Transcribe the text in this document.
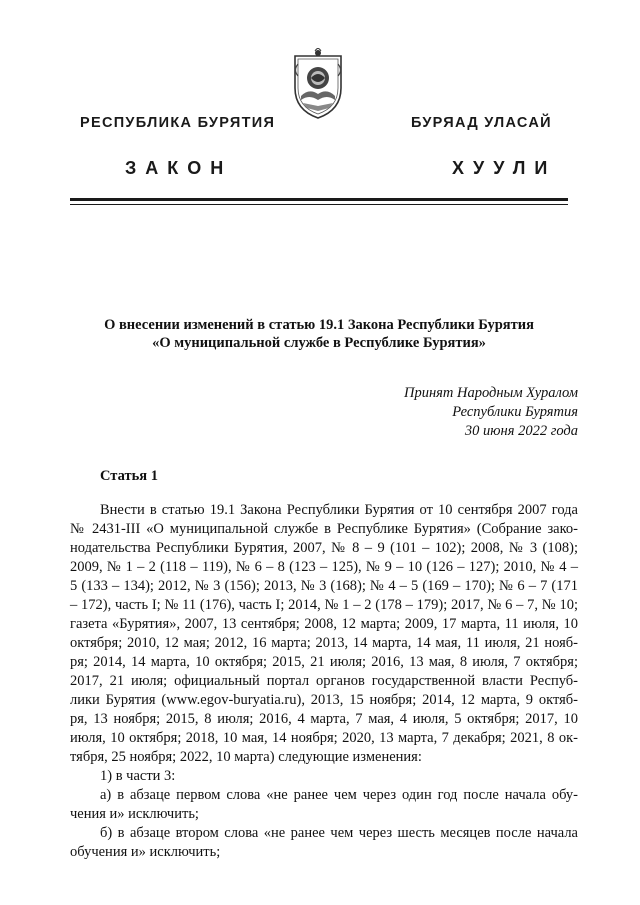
РЕСПУБЛИКА БУРЯТИЯ	БУРЯАД УЛАСАЙ
ЗАКОН	ХУУЛИ
О внесении изменений в статью 19.1 Закона Республики Бурятия
«О муниципальной службе в Республике Бурятия»
Принят Народным Хуралом
Республики Бурятия
30 июня 2022 года
Статья 1
Внести в статью 19.1 Закона Республики Бурятия от 10 сентября 2007 года
№ 2431-III «О муниципальной службе в Республике Бурятия» (Собрание зако-
нодательства Республики Бурятия, 2007, № 8 – 9 (101 – 102); 2008, № 3 (108);
2009, № 1 – 2 (118 – 119), № 6 – 8 (123 – 125), № 9 – 10 (126 – 127); 2010, № 4 –
5 (133 – 134); 2012, № 3 (156); 2013, № 3 (168); № 4 – 5 (169 – 170); № 6 – 7 (171
– 172), часть I; № 11 (176), часть I; 2014, № 1 – 2 (178 – 179); 2017, № 6 – 7, № 10;
газета «Бурятия», 2007, 13 сентября; 2008, 12 марта; 2009, 17 марта, 11 июля, 10
октября; 2010, 12 мая; 2012, 16 марта; 2013, 14 марта, 14 мая, 11 июля, 21 нояб-
ря; 2014, 14 марта, 10 октября; 2015, 21 июля; 2016, 13 мая, 8 июля, 7 октября;
2017, 21 июля; официальный портал органов государственной власти Респуб-
лики Бурятия (www.egov-buryatia.ru), 2013, 15 ноября; 2014, 12 марта, 9 октяб-
ря, 13 ноября; 2015, 8 июля; 2016, 4 марта, 7 мая, 4 июля, 5 октября; 2017, 10
июля, 10 октября; 2018, 10 мая, 14 ноября; 2020, 13 марта, 7 декабря; 2021, 8 ок-
тября, 25 ноября; 2022, 10 марта) следующие изменения:
1) в части 3:
а) в абзаце первом слова «не ранее чем через один год после начала обу-
чения и» исключить;
б) в абзаце втором слова «не ранее чем через шесть месяцев после начала
обучения и» исключить;
